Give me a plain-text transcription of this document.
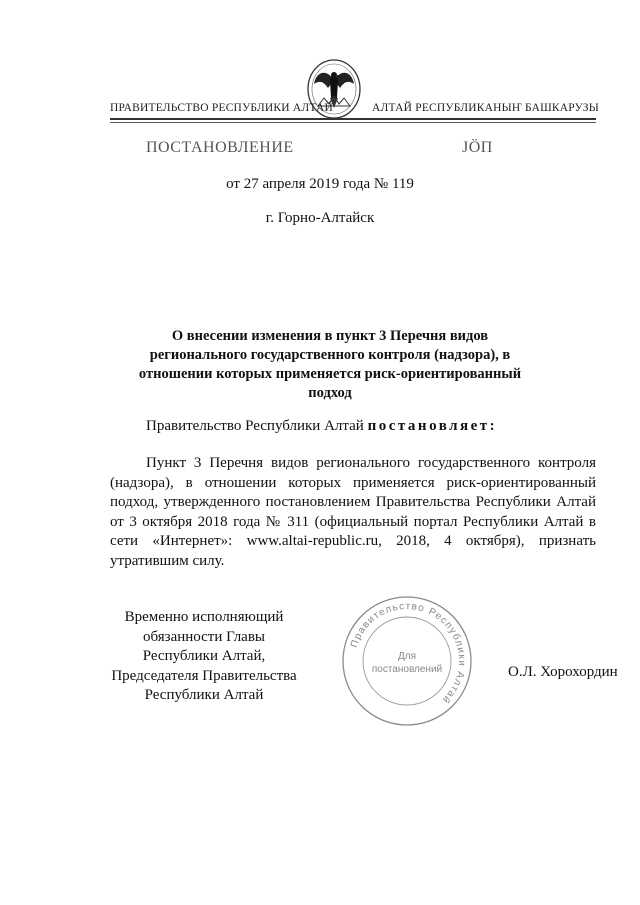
ПРАВИТЕЛЬСТВО РЕСПУБЛИКИ АЛТАЙ	АЛТАЙ РЕСПУБЛИКАНЫҤ БАШКАРУЗЫ
ПОСТАНОВЛЕНИЕ	JÖП
от 27 апреля 2019 года № 119
г. Горно-Алтайск
О внесении изменения в пункт 3 Перечня видов регионального государственного контроля (надзора), в отношении которых применяется риск-ориентированный подход
Правительство Республики Алтай постановляет:

Пункт 3 Перечня видов регионального государственного контроля (надзора), в отношении которых применяется риск-ориентированный подход, утвержденного постановлением Правительства Республики Алтай от 3 октября 2018 года № 311 (официальный портал Республики Алтай в сети «Интернет»: www.altai-republic.ru, 2018, 4 октября), признать утратившим силу.

Временно исполняющий
обязанности Главы Республики Алтай,
Председателя Правительства
Республики Алтай
Правительство Республики Алтай
Для
постановлений	О.Л. Хорохордин
